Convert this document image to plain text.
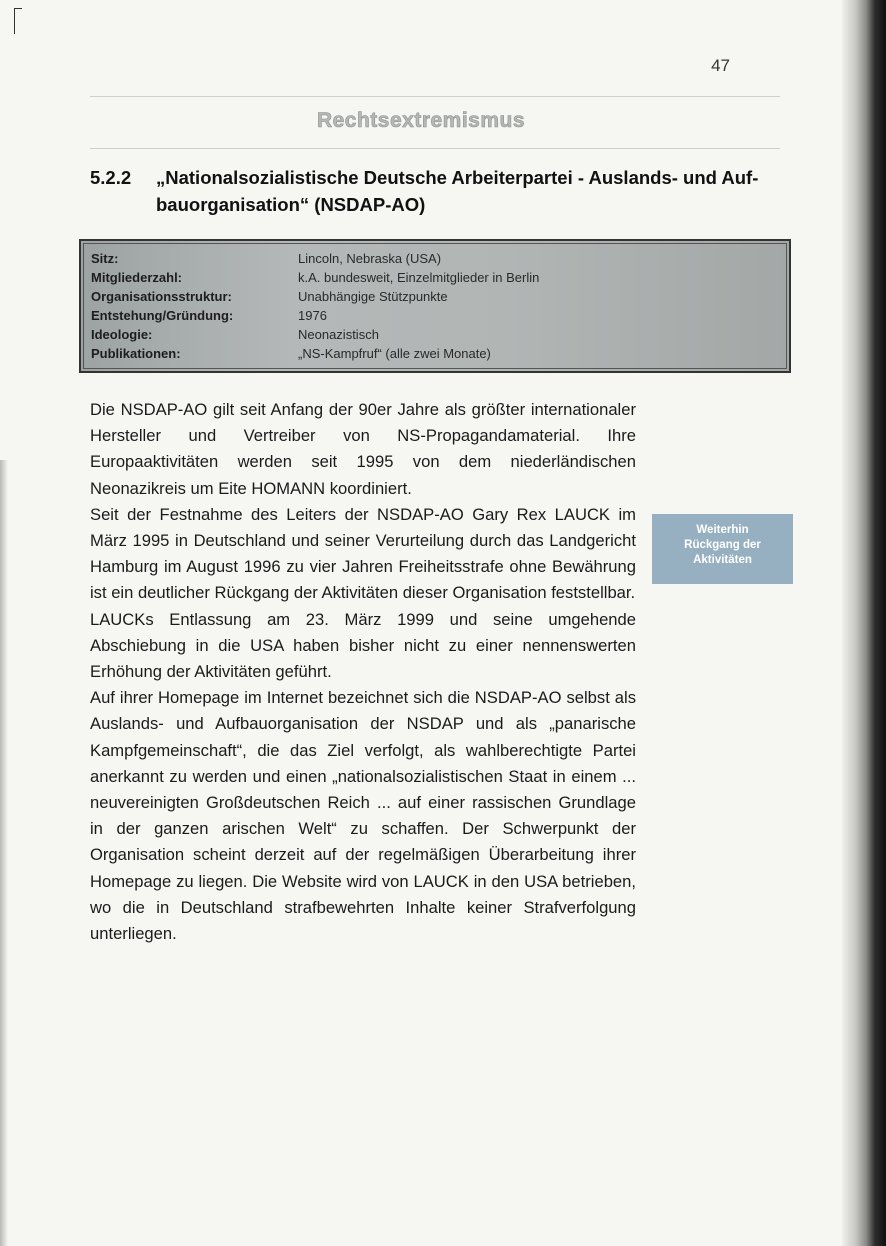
47
Rechtsextremismus
5.2.2 „Nationalsozialistische Deutsche Arbeiterpartei - Auslands- und Auf-
bauorganisation“ (NSDAP-AO)
Sitz:	Lincoln, Nebraska (USA)
Mitgliederzahl:	k.A. bundesweit, Einzelmitglieder in Berlin
Organisationsstruktur:	Unabhängige Stützpunkte
Entstehung/Gründung:	1976
Ideologie:	Neonazistisch
Publikationen:	„NS-Kampfruf“ (alle zwei Monate)

Die NSDAP-AO gilt seit Anfang der 90er Jahre als größter internationaler Hersteller und Vertreiber von NS-Propagandamaterial. Ihre Europaaktivitäten werden seit 1995 von dem niederländischen Neonazikreis um Eite HOMANN koordiniert.

Seit der Festnahme des Leiters der NSDAP-AO Gary Rex LAUCK im März 1995 in Deutschland und seiner Verurteilung durch das Landgericht Hamburg im August 1996 zu vier Jahren Freiheitsstrafe ohne Bewährung ist ein deutlicher Rückgang der Aktivitäten dieser Organisation feststellbar.

LAUCKs Entlassung am 23. März 1999 und seine umgehende Abschiebung in die USA haben bisher nicht zu einer nennenswerten Erhöhung der Aktivitäten geführt.

Auf ihrer Homepage im Internet bezeichnet sich die NSDAP-AO selbst als Auslands- und Aufbauorganisation der NSDAP und als „panarische Kampfgemeinschaft“, die das Ziel verfolgt, als wahlberechtigte Partei anerkannt zu werden und einen „nationalsozialistischen Staat in einem ... neuvereinigten Großdeutschen Reich ... auf einer rassischen Grundlage in der ganzen arischen Welt“ zu schaffen. Der Schwerpunkt der Organisation scheint derzeit auf der regelmäßigen Überarbeitung ihrer Homepage zu liegen. Die Website wird von LAUCK in den USA betrieben, wo die in Deutschland strafbewehrten Inhalte keiner Strafverfolgung unterliegen.

Weiterhin
Rückgang der
Aktivitäten
